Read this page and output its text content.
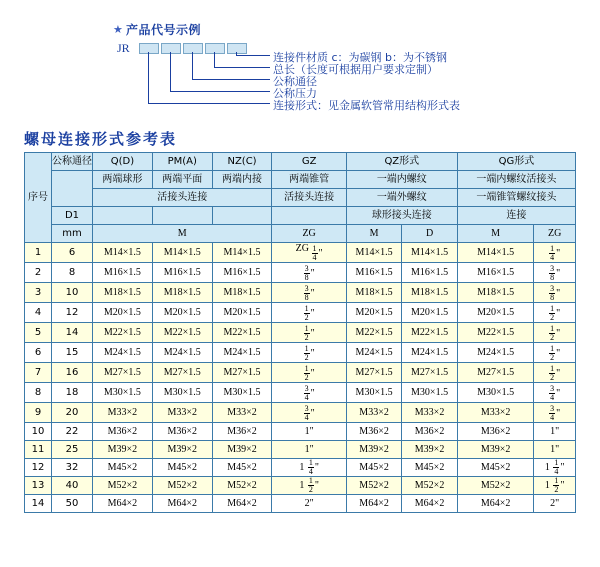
★ 产品代号示例
JR
连接件材质 c：为碳钢 b：为不锈钢
总长（长度可根据用户要求定制）
公称通径
公称压力
连接形式：见金属软管常用结构形式表
螺母连接形式参考表
序号	公称通径	Q(D)	PM(A)	NZ(C)	GZ	QZ形式		QG形式	
		两端球形	两端平面	两端内接	两端锥管	一端内螺纹		一端内螺纹活接头	
		活接头连接			活接头连接	一端外螺纹		一端锥管螺纹接头	
	D1					球形接头连接		连接	
	mm	M			ZG	M	D	M	ZG
1	6	M14×1.5	M14×1.5	M14×1.5	ZG $\frac{1}{4}$ "	M14×1.5	M14×1.5	M14×1.5	$\frac{1}{4}$ "
2	8	M16×1.5	M16×1.5	M16×1.5	$\frac{3}{8}$ "	M16×1.5	M16×1.5	M16×1.5	$\frac{3}{8}$ "
3	10	M18×1.5	M18×1.5	M18×1.5	$\frac{3}{8}$ "	M18×1.5	M18×1.5	M18×1.5	$\frac{3}{8}$ "
4	12	M20×1.5	M20×1.5	M20×1.5	$\frac{1}{2}$ "	M20×1.5	M20×1.5	M20×1.5	$\frac{1}{2}$ "
5	14	M22×1.5	M22×1.5	M22×1.5	$\frac{1}{2}$ "	M22×1.5	M22×1.5	M22×1.5	$\frac{1}{2}$ "
6	15	M24×1.5	M24×1.5	M24×1.5	$\frac{1}{2}$ "	M24×1.5	M24×1.5	M24×1.5	$\frac{1}{2}$ "
7	16	M27×1.5	M27×1.5	M27×1.5	$\frac{1}{2}$ "	M27×1.5	M27×1.5	M27×1.5	$\frac{1}{2}$ "
8	18	M30×1.5	M30×1.5	M30×1.5	$\frac{3}{4}$ "	M30×1.5	M30×1.5	M30×1.5	$\frac{3}{4}$ "
9	20	M33×2	M33×2	M33×2	$\frac{3}{4}$ "	M33×2	M33×2	M33×2	$\frac{3}{4}$ "
10	22	M36×2	M36×2	M36×2	1"	M36×2	M36×2	M36×2	1"
11	25	M39×2	M39×2	M39×2	1"	M39×2	M39×2	M39×2	1"
12	32	M45×2	M45×2	M45×2	$1 \frac{1}{4}$ "	M45×2	M45×2	M45×2	$1 \frac{1}{4}$ "
13	40	M52×2	M52×2	M52×2	$1 \frac{1}{2}$ "	M52×2	M52×2	M52×2	$1 \frac{1}{2}$ "
14	50	M64×2	M64×2	M64×2	2"	M64×2	M64×2	M64×2	2"
